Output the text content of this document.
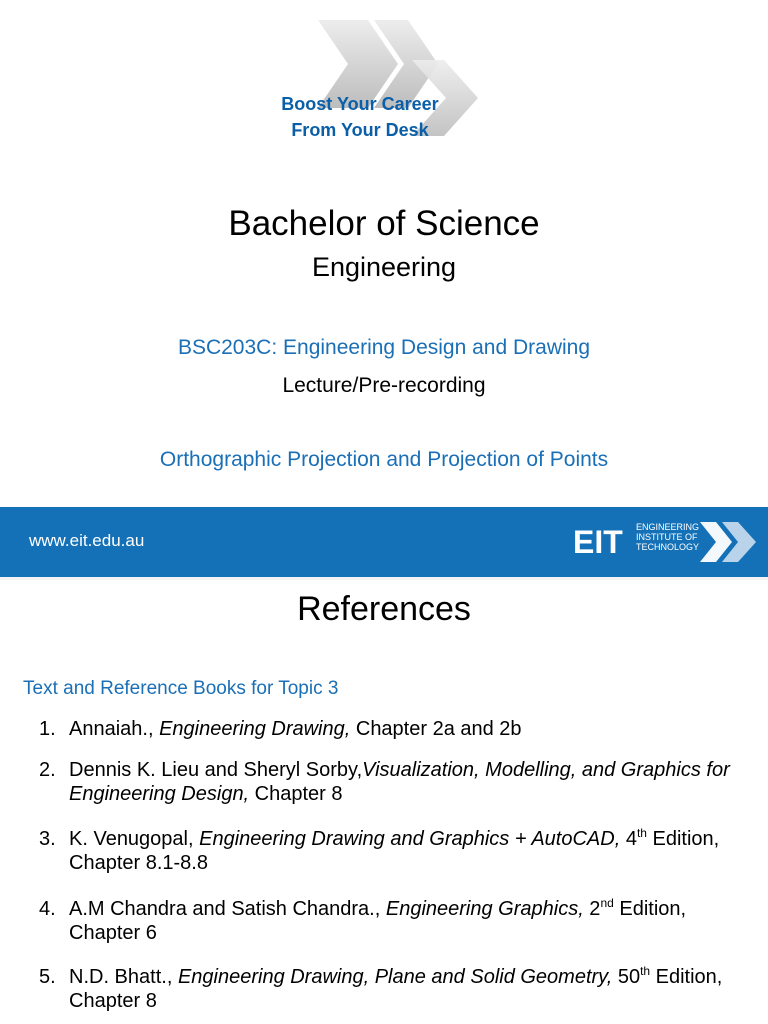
Boost Your Career
From Your Desk
Bachelor of Science
Engineering
BSC203C: Engineering Design and Drawing
Lecture/Pre-recording
Orthographic Projection and Projection of Points
www.eit.edu.au	EIT ENGINEERING
INSTITUTE OF
TECHNOLOGY
References
Text and Reference Books for Topic 3
1. Annaiah., Engineering Drawing, Chapter 2a and 2b
2. Dennis K. Lieu and Sheryl Sorby,Visualization, Modelling, and Graphics for Engineering Design, Chapter 8
3. K. Venugopal, Engineering Drawing and Graphics + AutoCAD, 4th Edition, Chapter 8.1-8.8
4. A.M Chandra and Satish Chandra., Engineering Graphics, 2nd Edition, Chapter 6
5. N.D. Bhatt., Engineering Drawing, Plane and Solid Geometry, 50th Edition, Chapter 8
